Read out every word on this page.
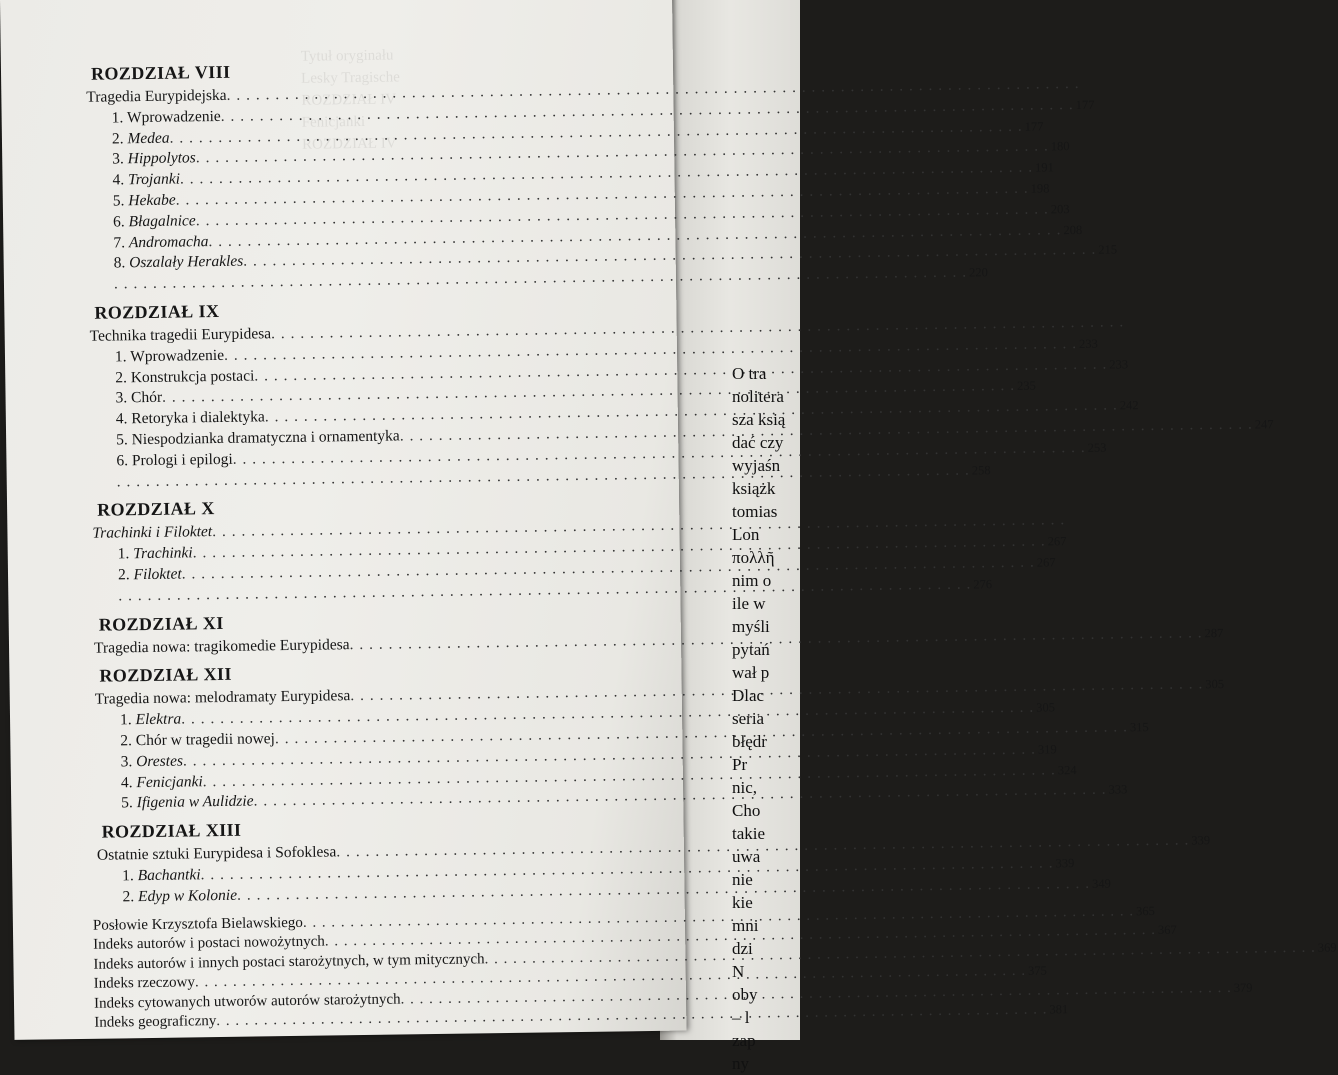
O tra
nolitera
sza ksią
dać czy
wyjaśn
książk
tomias
Lon
πολλῆ
nim o
ile w
myśli
pytań
wał p
Dlac
seria
błędr
Pr
nic,
Cho
takie
uwa
nie
kie
mni
dzi
N
oby
– l
zap
ny
Tytuł oryginału
Lesky Tragische
ROZDZIAŁ IV
Fenicjanki
ROZDZIAŁ IV
ROZDZIAŁ VIII
Tragedia Eurypidejska
. . .
1. Wprowadzenie
. . .
177
2. Medea
. . .
177
3. Hippolytos
. . .
180
4. Trojanki
. . .
191
5. Hekabe
. . .
198
6. Błagalnice
. . .
203
7. Andromacha
. . .
208
8. Oszalały Herakles
. . .
215
. . .
220
ROZDZIAŁ IX
Technika tragedii Eurypidesa
. . .
1. Wprowadzenie
. . .
233
2. Konstrukcja postaci
. . .
233
3. Chór
. . .
235
4. Retoryka i dialektyka
. . .
242
5. Niespodzianka dramatyczna i ornamentyka
. . .
247
6. Prologi i epilogi
. . .
253
. . .
258
ROZDZIAŁ X
Trachinki i Filoktet
. . .
1. Trachinki
. . .
267
2. Filoktet
. . .
267
. . .
276
ROZDZIAŁ XI
Tragedia nowa: tragikomedie Eurypidesa
. . .
287
ROZDZIAŁ XII
Tragedia nowa: melodramaty Eurypidesa
. . .
305
1. Elektra
. . .
305
2. Chór w tragedii nowej
. . .
315
3. Orestes
. . .
319
4. Fenicjanki
. . .
324
5. Ifigenia w Aulidzie
. . .
333
ROZDZIAŁ XIII
Ostatnie sztuki Eurypidesa i Sofoklesa
. . .
339
1. Bachantki
. . .
339
2. Edyp w Kolonie
. . .
349
Posłowie Krzysztofa Bielawskiego
. . .
365
Indeks autorów i postaci nowożytnych
. . .
367
Indeks autorów i innych postaci starożytnych, w tym mitycznych
. . .
369
Indeks rzeczowy
. . .
375
Indeks cytowanych utworów autorów starożytnych
. . .
379
Indeks geograficzny
. . .
381
